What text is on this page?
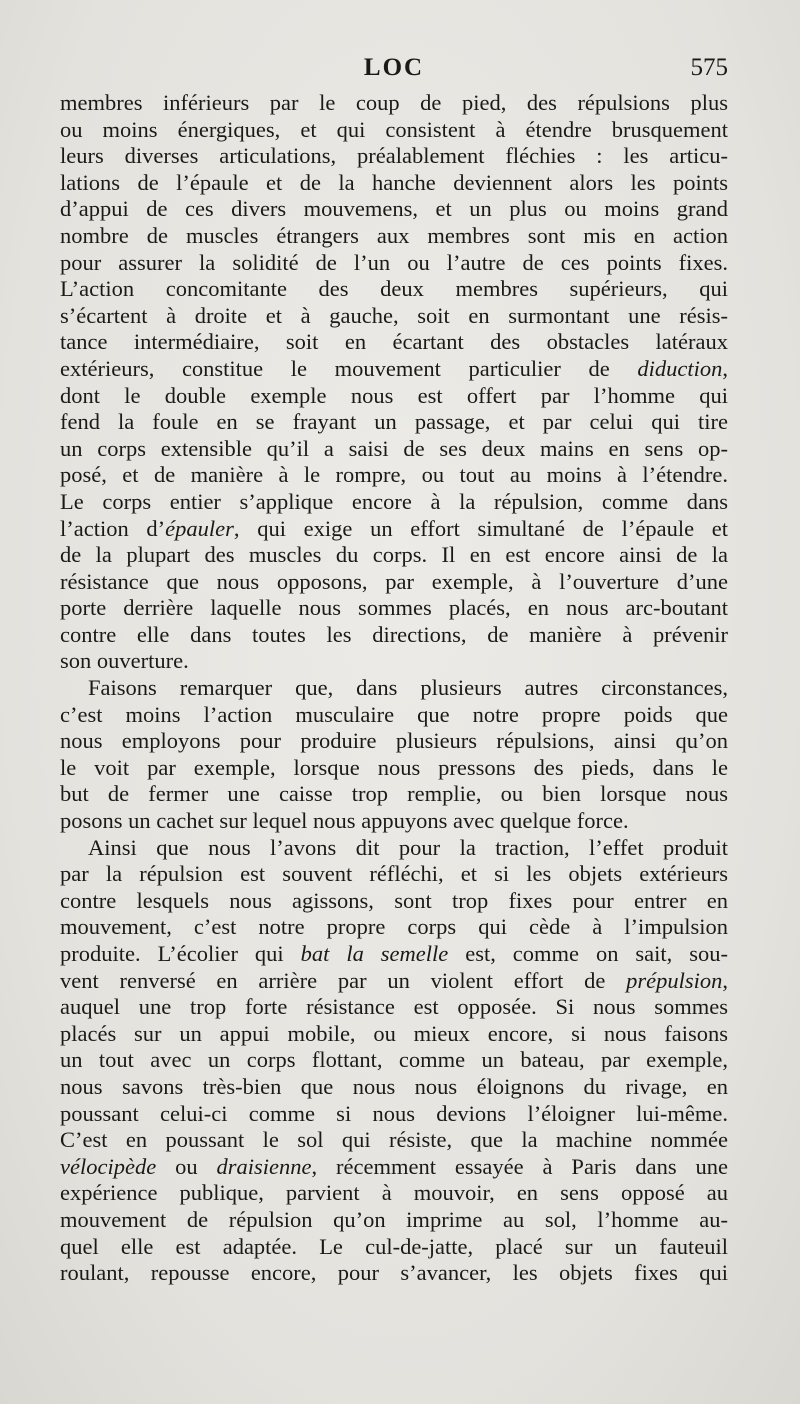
LOC	575
membres inférieurs par le coup de pied, des répulsions plus
ou moins énergiques, et qui consistent à étendre brusquement
leurs diverses articulations, préalablement fléchies : les articu-
lations de l’épaule et de la hanche deviennent alors les points
d’appui de ces divers mouvemens, et un plus ou moins grand
nombre de muscles étrangers aux membres sont mis en action
pour assurer la solidité de l’un ou l’autre de ces points fixes.
L’action concomitante des deux membres supérieurs, qui
s’écartent à droite et à gauche, soit en surmontant une résis-
tance intermédiaire, soit en écartant des obstacles latéraux
extérieurs, constitue le mouvement particulier de diduction,
dont le double exemple nous est offert par l’homme qui
fend la foule en se frayant un passage, et par celui qui tire
un corps extensible qu’il a saisi de ses deux mains en sens op-
posé, et de manière à le rompre, ou tout au moins à l’étendre.
Le corps entier s’applique encore à la répulsion, comme dans
l’action d’épauler, qui exige un effort simultané de l’épaule et
de la plupart des muscles du corps. Il en est encore ainsi de la
résistance que nous opposons, par exemple, à l’ouverture d’une
porte derrière laquelle nous sommes placés, en nous arc-boutant
contre elle dans toutes les directions, de manière à prévenir
son ouverture.
Faisons remarquer que, dans plusieurs autres circonstances,
c’est moins l’action musculaire que notre propre poids que
nous employons pour produire plusieurs répulsions, ainsi qu’on
le voit par exemple, lorsque nous pressons des pieds, dans le
but de fermer une caisse trop remplie, ou bien lorsque nous
posons un cachet sur lequel nous appuyons avec quelque force.
Ainsi que nous l’avons dit pour la traction, l’effet produit
par la répulsion est souvent réfléchi, et si les objets extérieurs
contre lesquels nous agissons, sont trop fixes pour entrer en
mouvement, c’est notre propre corps qui cède à l’impulsion
produite. L’écolier qui bat la semelle est, comme on sait, sou-
vent renversé en arrière par un violent effort de prépulsion,
auquel une trop forte résistance est opposée. Si nous sommes
placés sur un appui mobile, ou mieux encore, si nous faisons
un tout avec un corps flottant, comme un bateau, par exemple,
nous savons très-bien que nous nous éloignons du rivage, en
poussant celui-ci comme si nous devions l’éloigner lui-même.
C’est en poussant le sol qui résiste, que la machine nommée
vélocipède ou draisienne, récemment essayée à Paris dans une
expérience publique, parvient à mouvoir, en sens opposé au
mouvement de répulsion qu’on imprime au sol, l’homme au-
quel elle est adaptée. Le cul-de-jatte, placé sur un fauteuil
roulant, repousse encore, pour s’avancer, les objets fixes qui
